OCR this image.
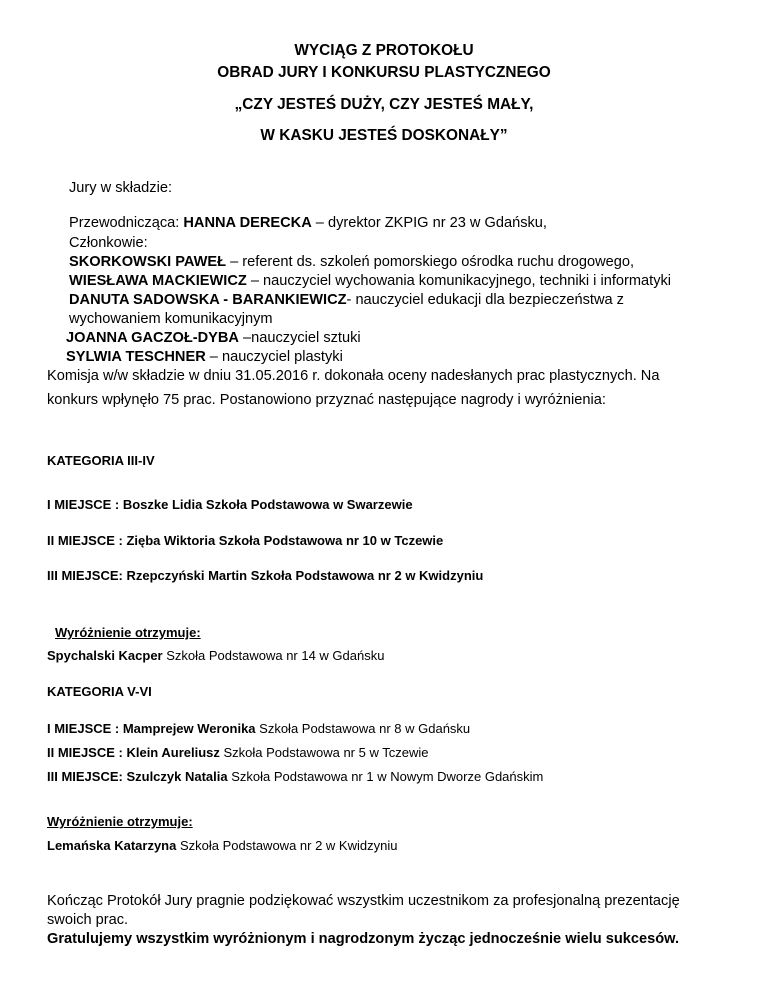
WYCIĄG Z PROTOKOŁU
OBRAD JURY I KONKURSU PLASTYCZNEGO
„CZY JESTEŚ DUŻY, CZY JESTEŚ MAŁY,
W KASKU JESTEŚ DOSKONAŁY”
Jury w składzie:
Przewodnicząca: HANNA DERECKA – dyrektor ZKPIG nr 23 w Gdańsku,
Członkowie:
SKORKOWSKI PAWEŁ – referent ds. szkoleń pomorskiego ośrodka ruchu drogowego,
WIESŁAWA MACKIEWICZ – nauczyciel wychowania komunikacyjnego, techniki i informatyki
DANUTA SADOWSKA - BARANKIEWICZ- nauczyciel edukacji dla bezpieczeństwa z
wychowaniem komunikacyjnym
JOANNA GACZOŁ-DYBA –nauczyciel sztuki
SYLWIA TESCHNER – nauczyciel plastyki
Komisja w/w składzie w dniu 31.05.2016 r. dokonała oceny nadesłanych prac plastycznych. Na
konkurs wpłynęło 75 prac. Postanowiono przyznać następujące nagrody i wyróżnienia:
KATEGORIA III-IV
I MIEJSCE : Boszke Lidia Szkoła Podstawowa w Swarzewie
II MIEJSCE : Zięba Wiktoria Szkoła Podstawowa nr 10 w Tczewie
III MIEJSCE: Rzepczyński Martin Szkoła Podstawowa nr 2 w Kwidzyniu
Wyróżnienie otrzymuje:
Spychalski Kacper Szkoła Podstawowa nr 14 w Gdańsku
KATEGORIA V-VI
I MIEJSCE : Mamprejew Weronika Szkoła Podstawowa nr 8 w Gdańsku
II MIEJSCE : Klein Aureliusz Szkoła Podstawowa nr 5 w Tczewie
III MIEJSCE: Szulczyk Natalia Szkoła Podstawowa nr 1 w Nowym Dworze Gdańskim
Wyróżnienie otrzymuje:
Lemańska Katarzyna Szkoła Podstawowa nr 2 w Kwidzyniu
Kończąc Protokół Jury pragnie podziękować wszystkim uczestnikom za profesjonalną prezentację
swoich prac.
Gratulujemy wszystkim wyróżnionym i nagrodzonym życząc jednocześnie wielu sukcesów.
